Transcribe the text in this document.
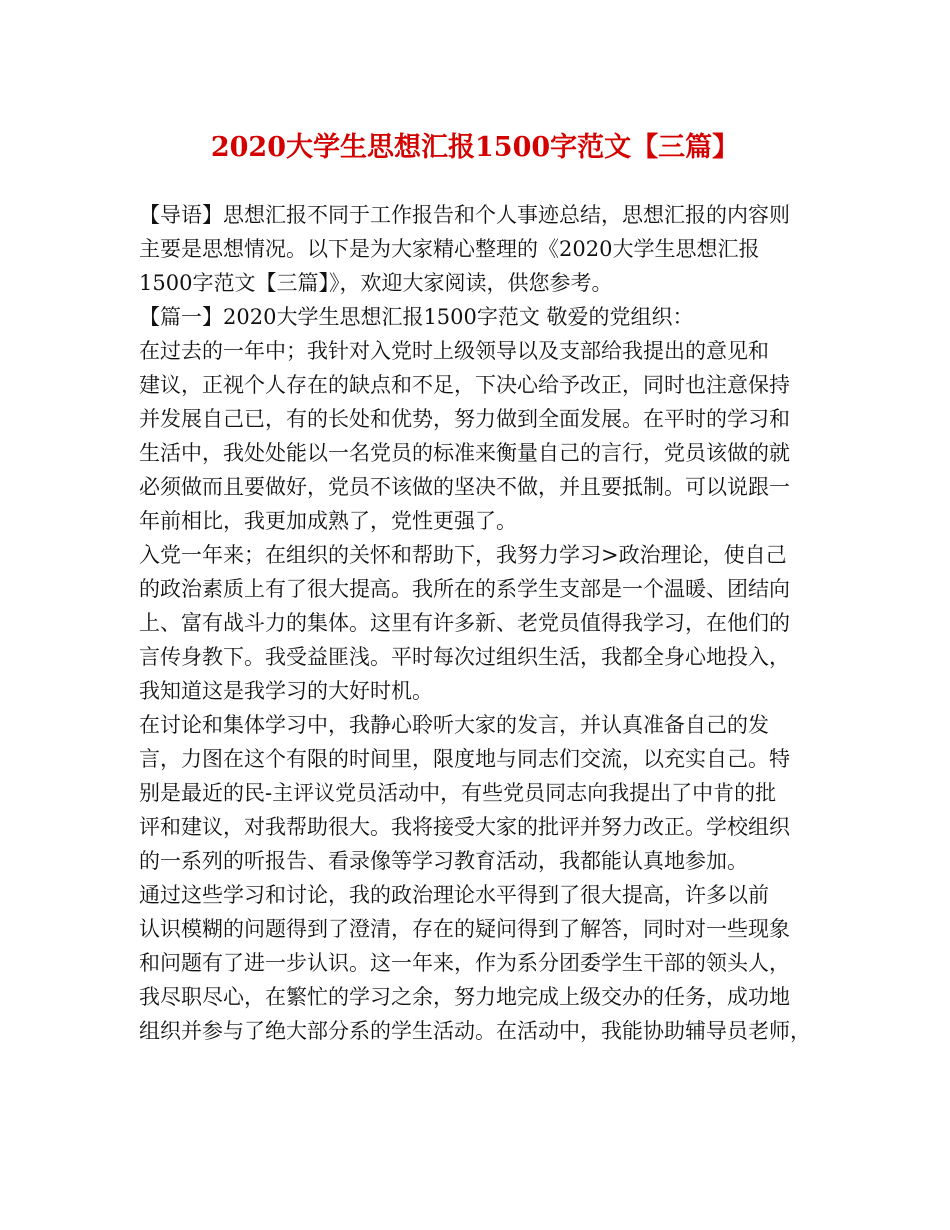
2020大学生思想汇报1500字范文【三篇】
【导语】思想汇报不同于工作报告和个人事迹总结，思想汇报的内容则
主要是思想情况。以下是为大家精心整理的《2020大学生思想汇报
1500字范文【三篇】》，欢迎大家阅读，供您参考。
【篇一】2020大学生思想汇报1500字范文 敬爱的党组织：
在过去的一年中；我针对入党时上级领导以及支部给我提出的意见和
建议，正视个人存在的缺点和不足，下决心给予改正，同时也注意保持
并发展自己已，有的长处和优势，努力做到全面发展。在平时的学习和
生活中，我处处能以一名党员的标准来衡量自己的言行，党员该做的就
必须做而且要做好，党员不该做的坚决不做，并且要抵制。可以说跟一
年前相比，我更加成熟了，党性更强了。
入党一年来；在组织的关怀和帮助下，我努力学习>政治理论，使自己
的政治素质上有了很大提高。我所在的系学生支部是一个温暖、团结向
上、富有战斗力的集体。这里有许多新、老党员值得我学习，在他们的
言传身教下。我受益匪浅。平时每次过组织生活，我都全身心地投入，
我知道这是我学习的大好时机。
在讨论和集体学习中，我静心聆听大家的发言，并认真准备自己的发
言，力图在这个有限的时间里，限度地与同志们交流，以充实自己。特
别是最近的民-主评议党员活动中，有些党员同志向我提出了中肯的批
评和建议，对我帮助很大。我将接受大家的批评并努力改正。学校组织
的一系列的听报告、看录像等学习教育活动，我都能认真地参加。
通过这些学习和讨论，我的政治理论水平得到了很大提高，许多以前
认识模糊的问题得到了澄清，存在的疑问得到了解答，同时对一些现象
和问题有了进一步认识。这一年来，作为系分团委学生干部的领头人，
我尽职尽心，在繁忙的学习之余，努力地完成上级交办的任务，成功地
组织并参与了绝大部分系的学生活动。在活动中，我能协助辅导员老师，
